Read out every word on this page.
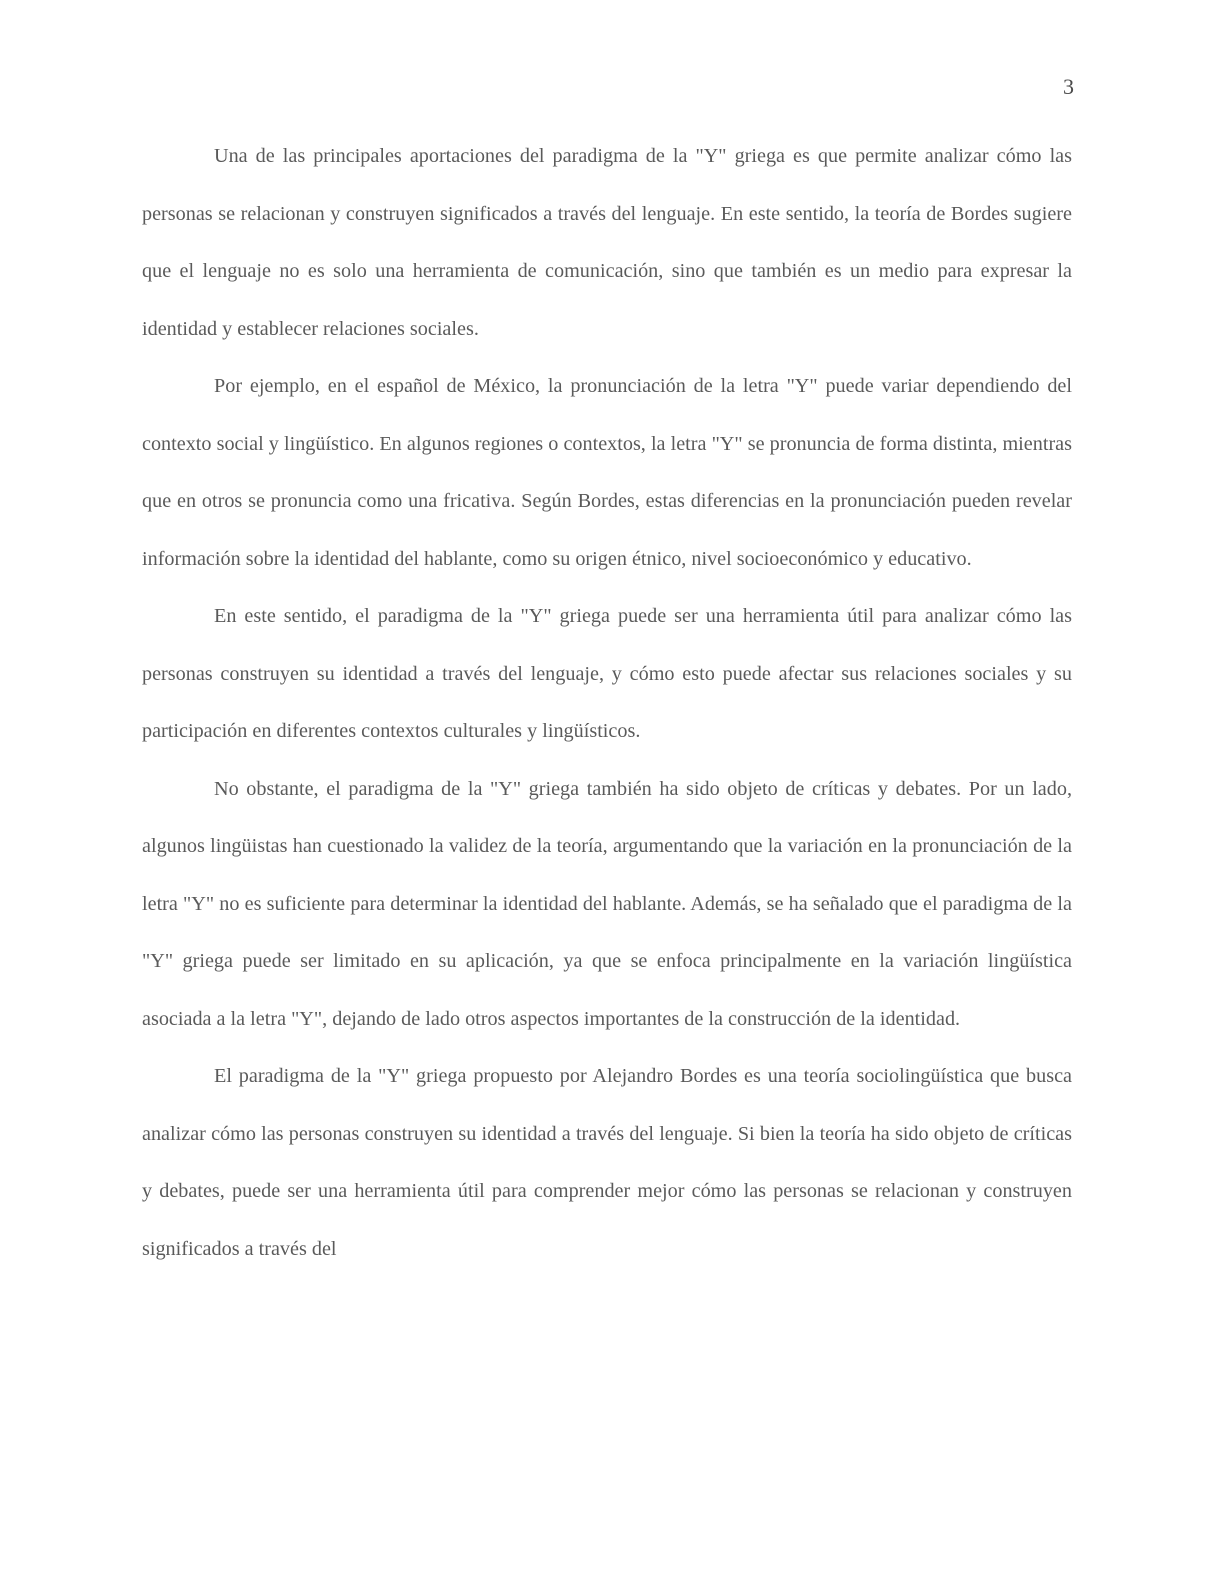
3

Una de las principales aportaciones del paradigma de la "Y" griega es que permite analizar cómo las personas se relacionan y construyen significados a través del lenguaje. En este sentido, la teoría de Bordes sugiere que el lenguaje no es solo una herramienta de comunicación, sino que también es un medio para expresar la identidad y establecer relaciones sociales.

Por ejemplo, en el español de México, la pronunciación de la letra "Y" puede variar dependiendo del contexto social y lingüístico. En algunos regiones o contextos, la letra "Y" se pronuncia de forma distinta, mientras que en otros se pronuncia como una fricativa. Según Bordes, estas diferencias en la pronunciación pueden revelar información sobre la identidad del hablante, como su origen étnico, nivel socioeconómico y educativo.

En este sentido, el paradigma de la "Y" griega puede ser una herramienta útil para analizar cómo las personas construyen su identidad a través del lenguaje, y cómo esto puede afectar sus relaciones sociales y su participación en diferentes contextos culturales y lingüísticos.

No obstante, el paradigma de la "Y" griega también ha sido objeto de críticas y debates. Por un lado, algunos lingüistas han cuestionado la validez de la teoría, argumentando que la variación en la pronunciación de la letra "Y" no es suficiente para determinar la identidad del hablante. Además, se ha señalado que el paradigma de la "Y" griega puede ser limitado en su aplicación, ya que se enfoca principalmente en la variación lingüística asociada a la letra "Y", dejando de lado otros aspectos importantes de la construcción de la identidad.

El paradigma de la "Y" griega propuesto por Alejandro Bordes es una teoría sociolingüística que busca analizar cómo las personas construyen su identidad a través del lenguaje. Si bien la teoría ha sido objeto de críticas y debates, puede ser una herramienta útil para comprender mejor cómo las personas se relacionan y construyen significados a través del
